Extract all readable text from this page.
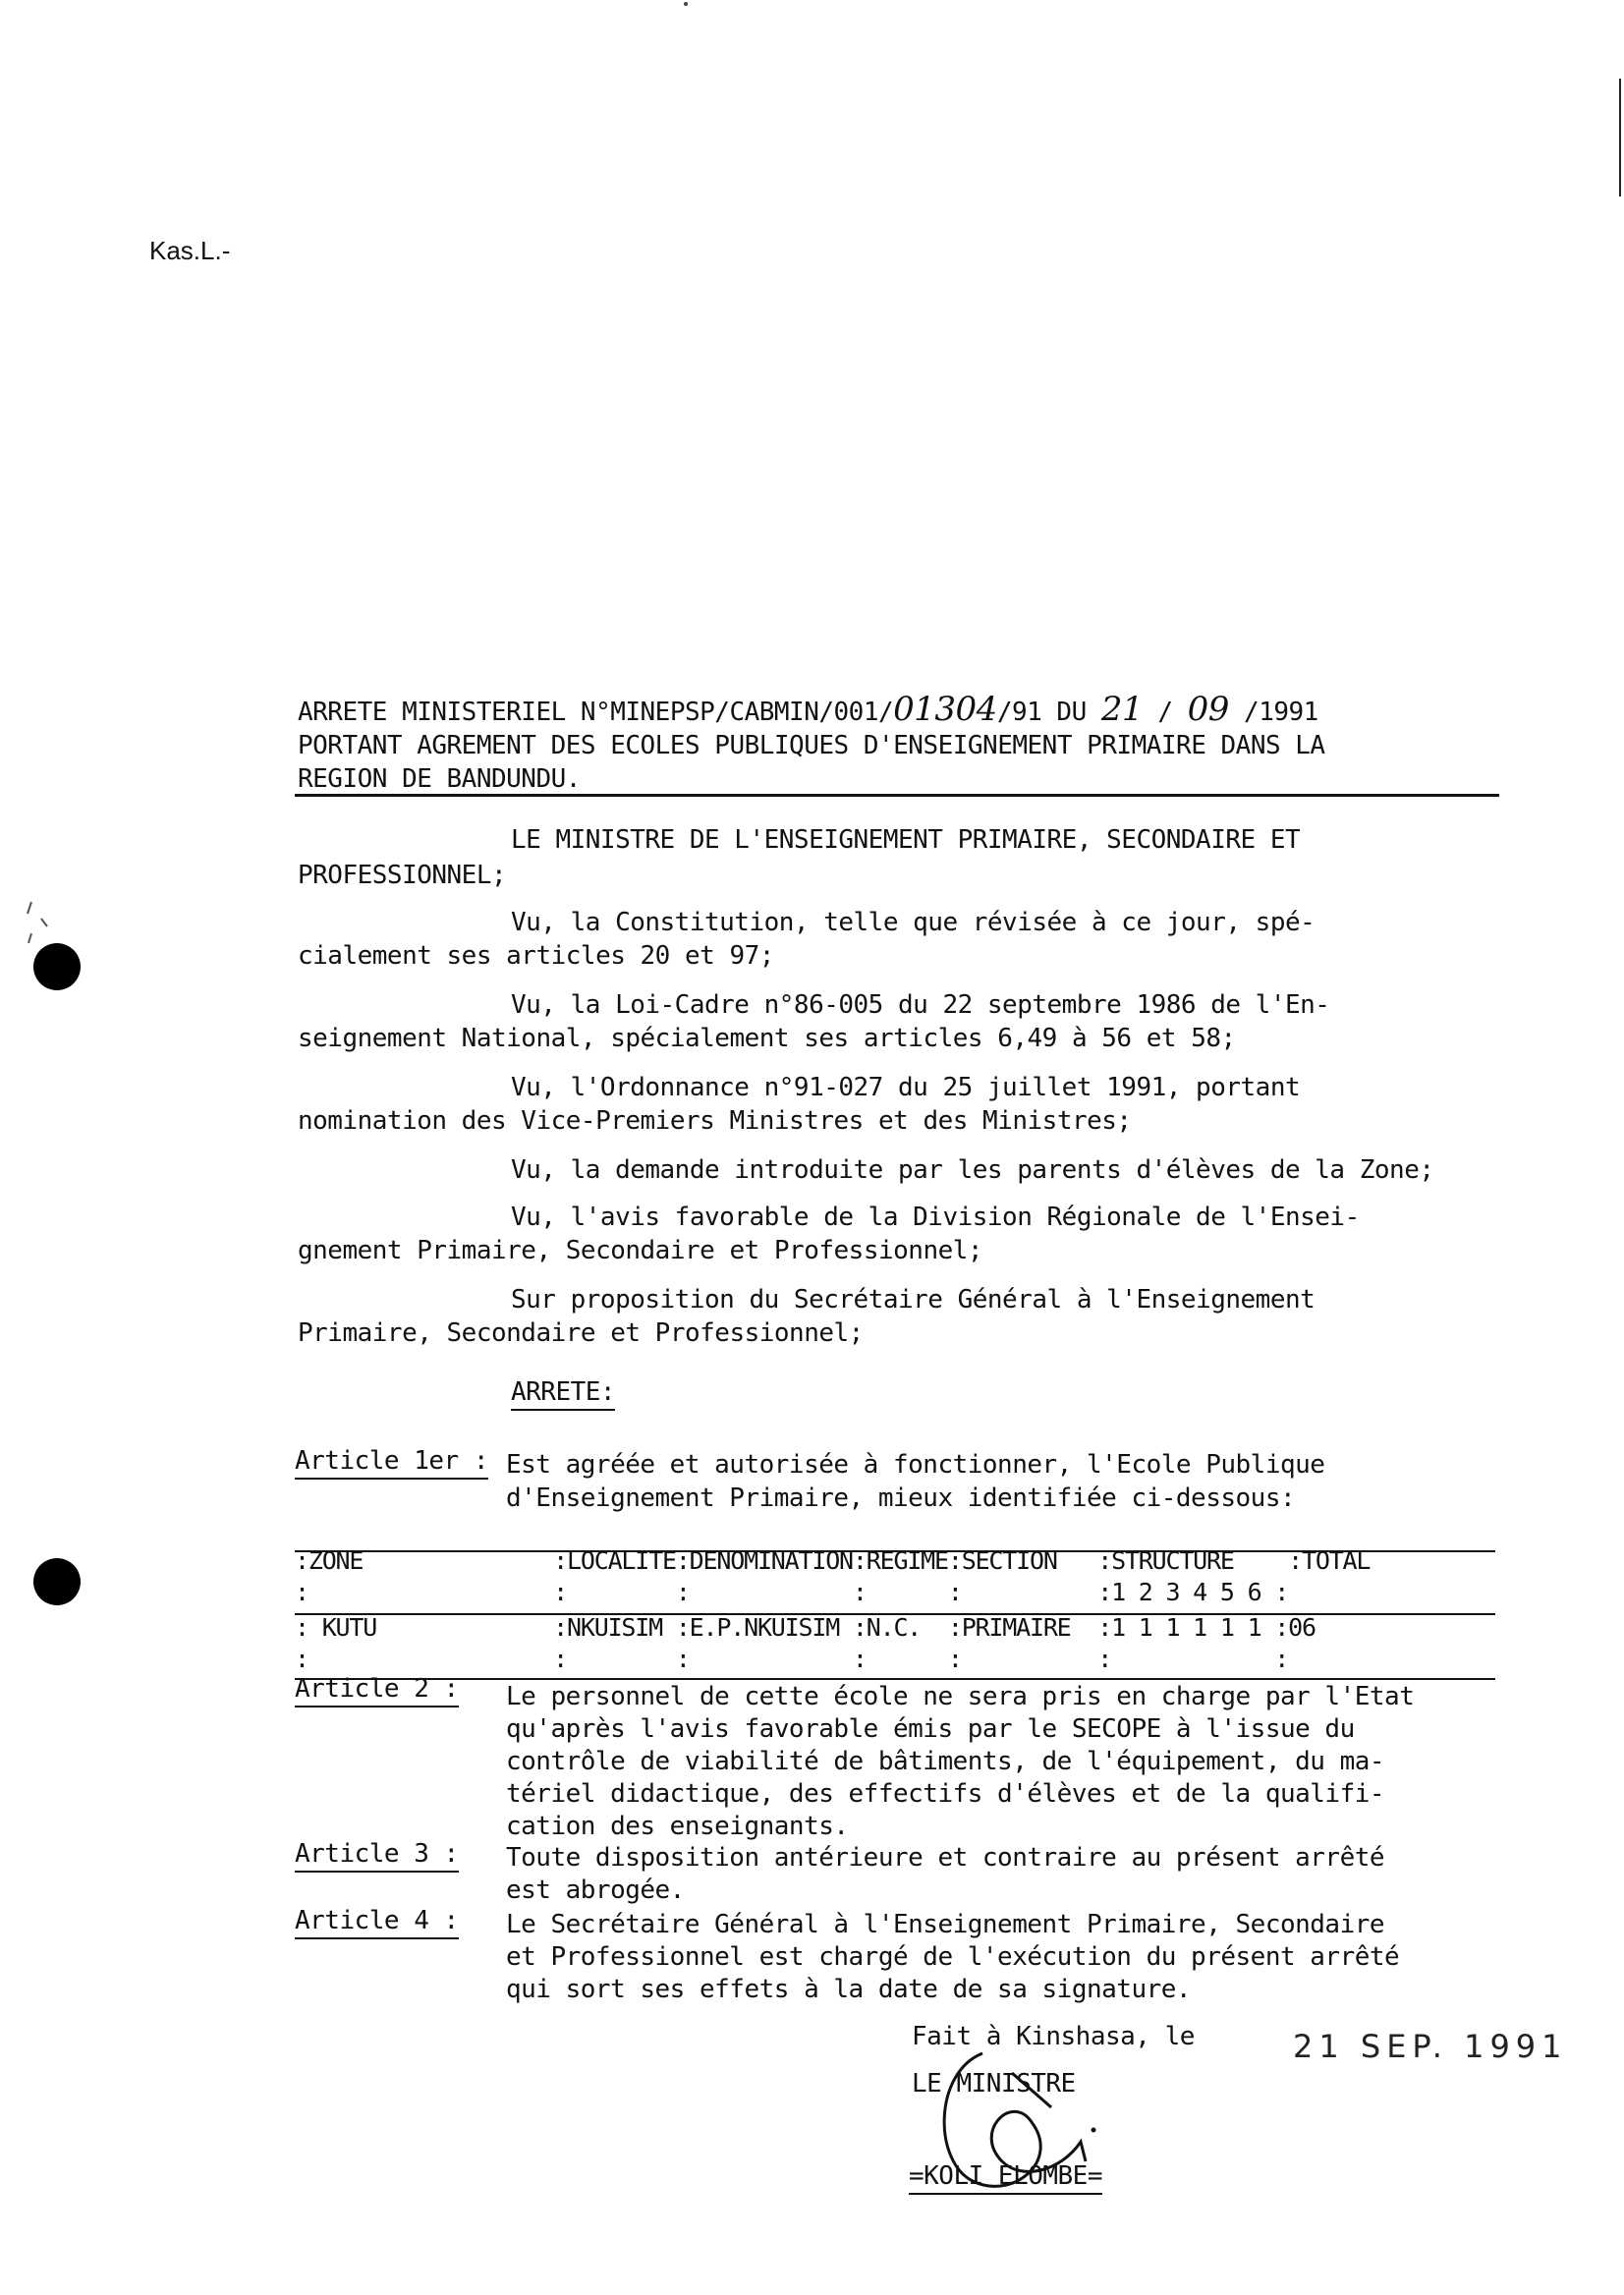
Kas.L.-
ARRETE MINISTERIEL N°MINEPSP/CABMIN/001/01304/91 DU 21 / 09 /1991
PORTANT AGREMENT DES ECOLES PUBLIQUES D'ENSEIGNEMENT PRIMAIRE DANS LA
REGION DE BANDUNDU.
LE MINISTRE DE L'ENSEIGNEMENT PRIMAIRE, SECONDAIRE ET
PROFESSIONNEL;
Vu, la Constitution, telle que révisée à ce jour, spé-
cialement ses articles 20 et 97;
Vu, la Loi-Cadre n°86-005 du 22 septembre 1986 de l'En-
seignement National, spécialement ses articles 6,49 à 56 et 58;
Vu, l'Ordonnance n°91-027 du 25 juillet 1991, portant
nomination des Vice-Premiers Ministres et des Ministres;
Vu, la demande introduite par les parents d'élèves de la Zone;
Vu, l'avis favorable de la Division Régionale de l'Ensei-
gnement Primaire, Secondaire et Professionnel;
Sur proposition du Secrétaire Général à l'Enseignement
Primaire, Secondaire et Professionnel;
ARRETE:
Article 1er : Est agréée et autorisée à fonctionner, l'Ecole Publique
d'Enseignement Primaire, mieux identifiée ci-dessous:
:ZONE              :LOCALITE:DENOMINATION:REGIME:SECTION   :STRUCTURE    :TOTAL
:                  :        :            :      :          :1 2 3 4 5 6 :
: KUTU             :NKUISIM :E.P.NKUISIM :N.C.  :PRIMAIRE  :1 1 1 1 1 1 :06
:                  :        :            :      :          :            :
Article 2 : Le personnel de cette école ne sera pris en charge par l'Etat
qu'après l'avis favorable émis par le SECOPE à l'issue du
contrôle de viabilité de bâtiments, de l'équipement, du ma-
tériel didactique, des effectifs d'élèves et de la qualifi-
cation des enseignants.
Article 3 : Toute disposition antérieure et contraire au présent arrêté
est abrogée.
Article 4 : Le Secrétaire Général à l'Enseignement Primaire, Secondaire
et Professionnel est chargé de l'exécution du présent arrêté
qui sort ses effets à la date de sa signature.
Fait à Kinshasa, le	21 SEP. 1991
LE MINISTRE
=KOLI ELOMBE=
